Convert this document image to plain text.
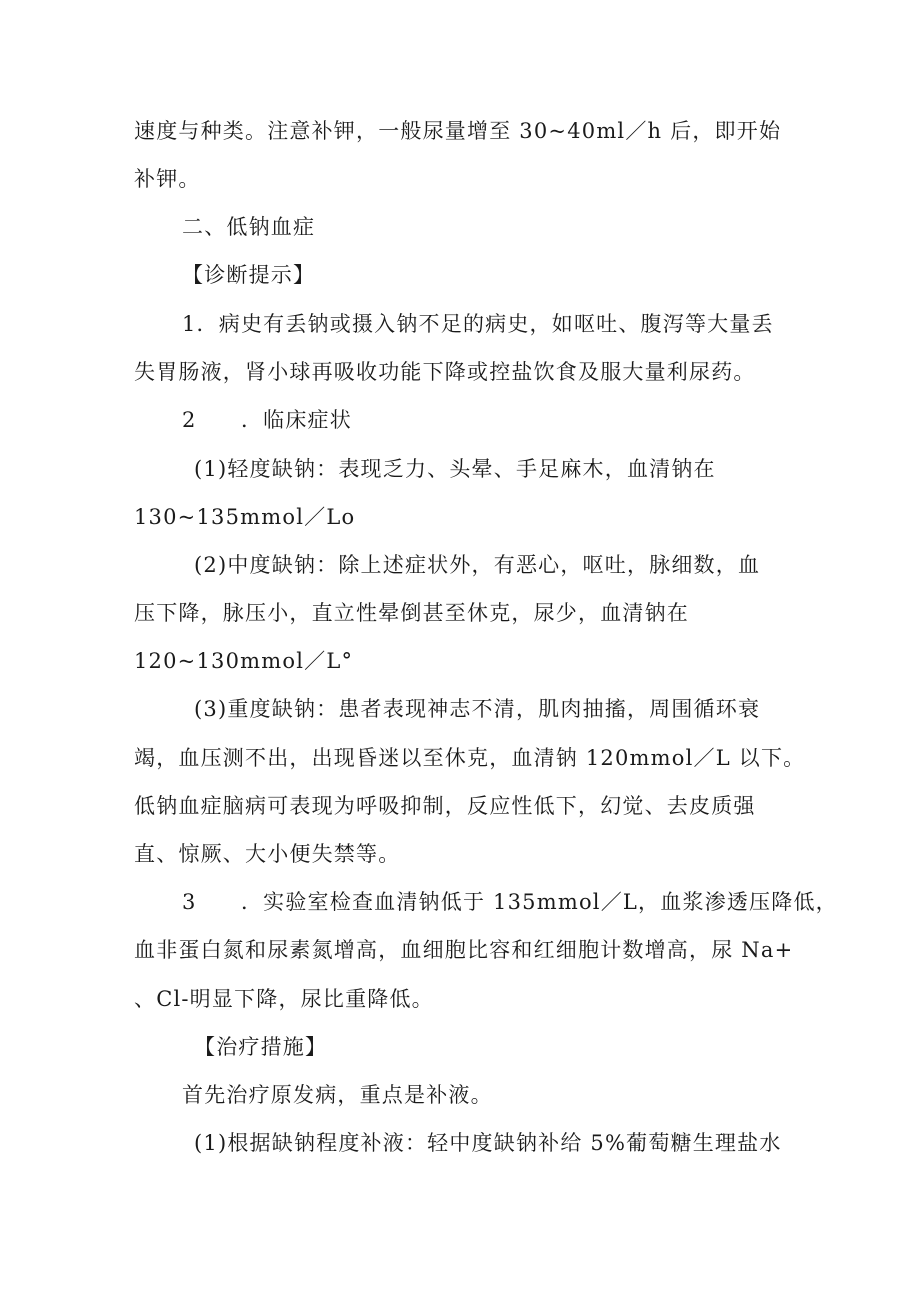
速度与种类。注意补钾，一般尿量增至 30~40ml／h 后，即开始
补钾。
二、低钠血症
【诊断提示】
1．病史有丢钠或摄入钠不足的病史，如呕吐、腹泻等大量丢
失胃肠液，肾小球再吸收功能下降或控盐饮食及服大量利尿药。
2　　．临床症状
(1)轻度缺钠：表现乏力、头晕、手足麻木，血清钠在
130~135mmol／Lo
(2)中度缺钠：除上述症状外，有恶心，呕吐，脉细数，血
压下降，脉压小，直立性晕倒甚至休克，尿少，血清钠在
120~130mmol／L°
(3)重度缺钠：患者表现神志不清，肌肉抽搐，周围循环衰
竭，血压测不出，出现昏迷以至休克，血清钠 120mmol／L 以下。
低钠血症脑病可表现为呼吸抑制，反应性低下，幻觉、去皮质强
直、惊厥、大小便失禁等。
3　　．实验室检查血清钠低于 135mmol／L，血浆渗透压降低，
血非蛋白氮和尿素氮增高，血细胞比容和红细胞计数增高，尿 Na+
、Cl-明显下降，尿比重降低。
【治疗措施】
首先治疗原发病，重点是补液。
(1)根据缺钠程度补液：轻中度缺钠补给 5%葡萄糖生理盐水
